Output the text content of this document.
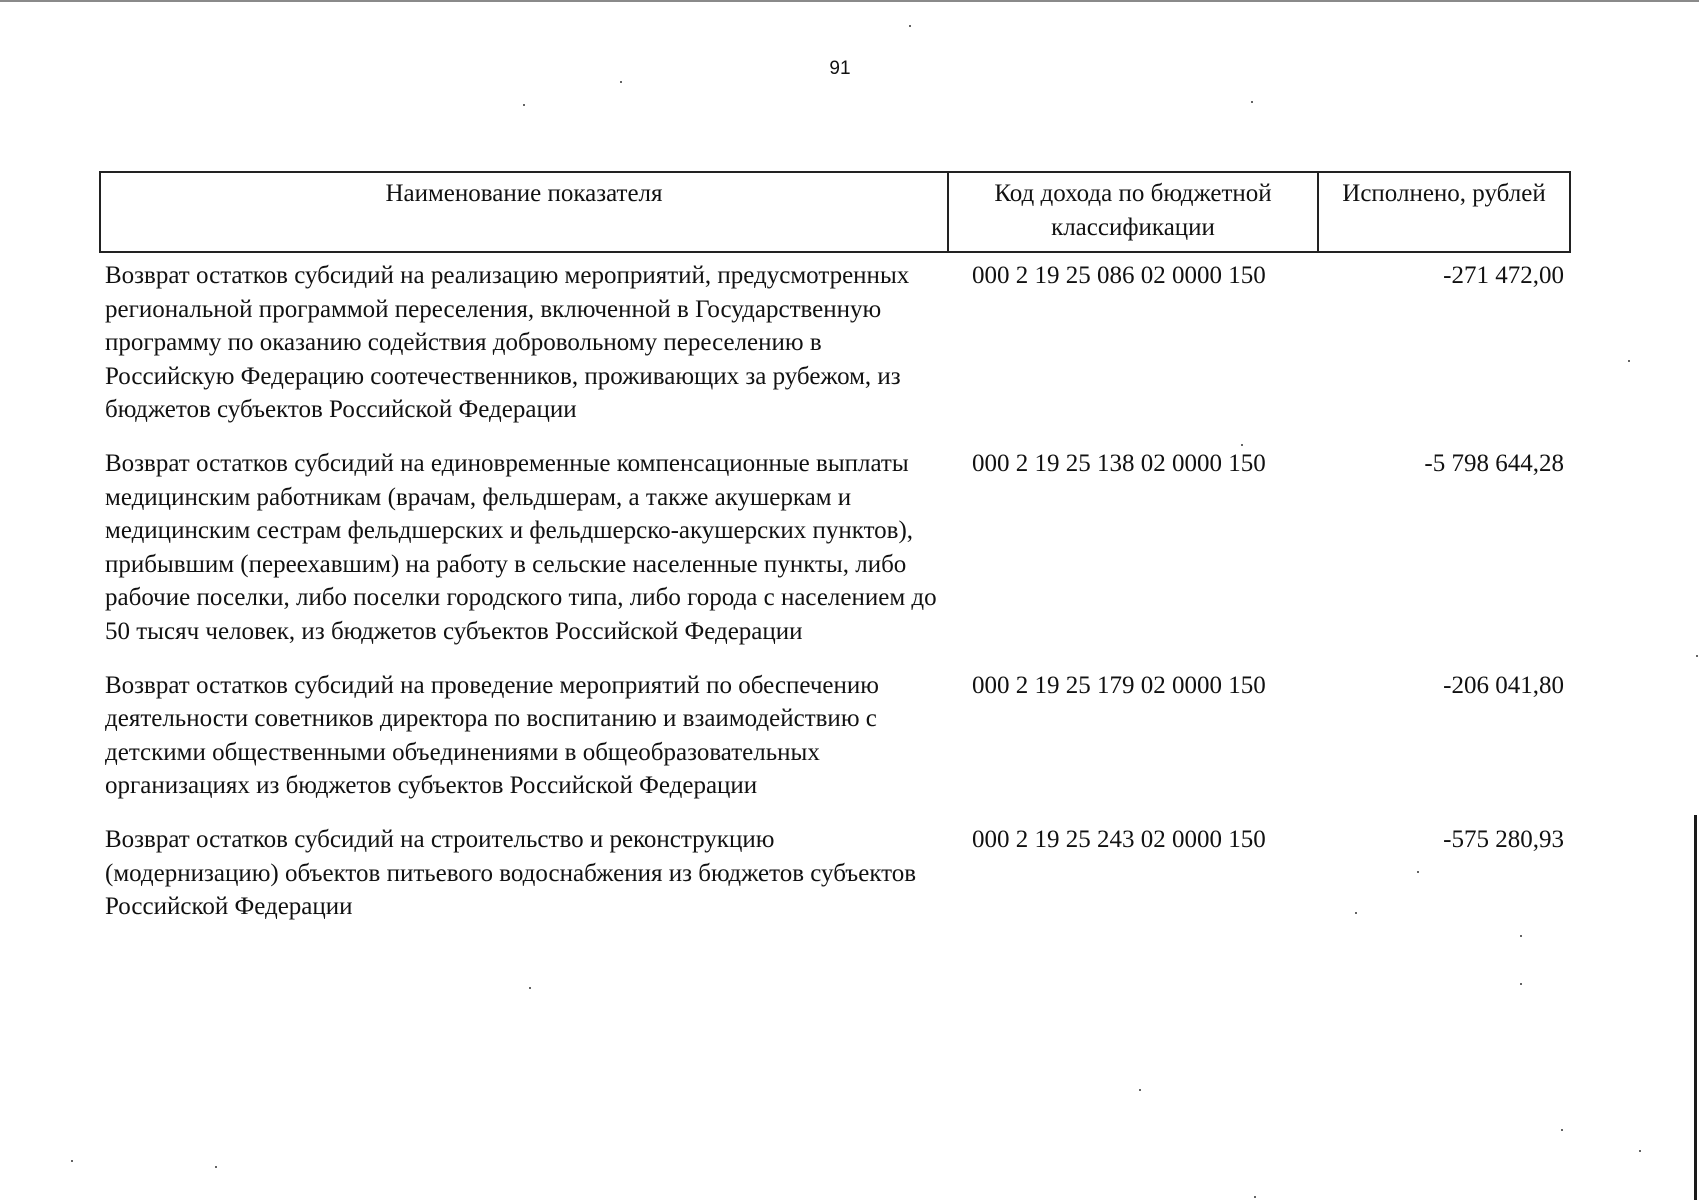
91
Наименование показателя	Код дохода по бюджетной классификации	Исполнено, рублей
Возврат остатков субсидий на реализацию мероприятий, предусмотренных региональной программой переселения, включенной в Государственную программу по оказанию содействия добровольному переселению в Российскую Федерацию соотечественников, проживающих за рубежом, из бюджетов субъектов Российской Федерации	000 2 19 25 086 02 0000 150	-271 472,00
Возврат остатков субсидий на единовременные компенсационные выплаты медицинским работникам (врачам, фельдшерам, а также акушеркам и медицинским сестрам фельдшерских и фельдшерско-акушерских пунктов), прибывшим (переехавшим) на работу в сельские населенные пункты, либо рабочие поселки, либо поселки городского типа, либо города с населением до 50 тысяч человек, из бюджетов субъектов Российской Федерации	000 2 19 25 138 02 0000 150	-5 798 644,28
Возврат остатков субсидий на проведение мероприятий по обеспечению деятельности советников директора по воспитанию и взаимодействию с детскими общественными объединениями в общеобразовательных организациях из бюджетов субъектов Российской Федерации	000 2 19 25 179 02 0000 150	-206 041,80
Возврат остатков субсидий на строительство и реконструкцию (модернизацию) объектов питьевого водоснабжения из бюджетов субъектов Российской Федерации	000 2 19 25 243 02 0000 150	-575 280,93
